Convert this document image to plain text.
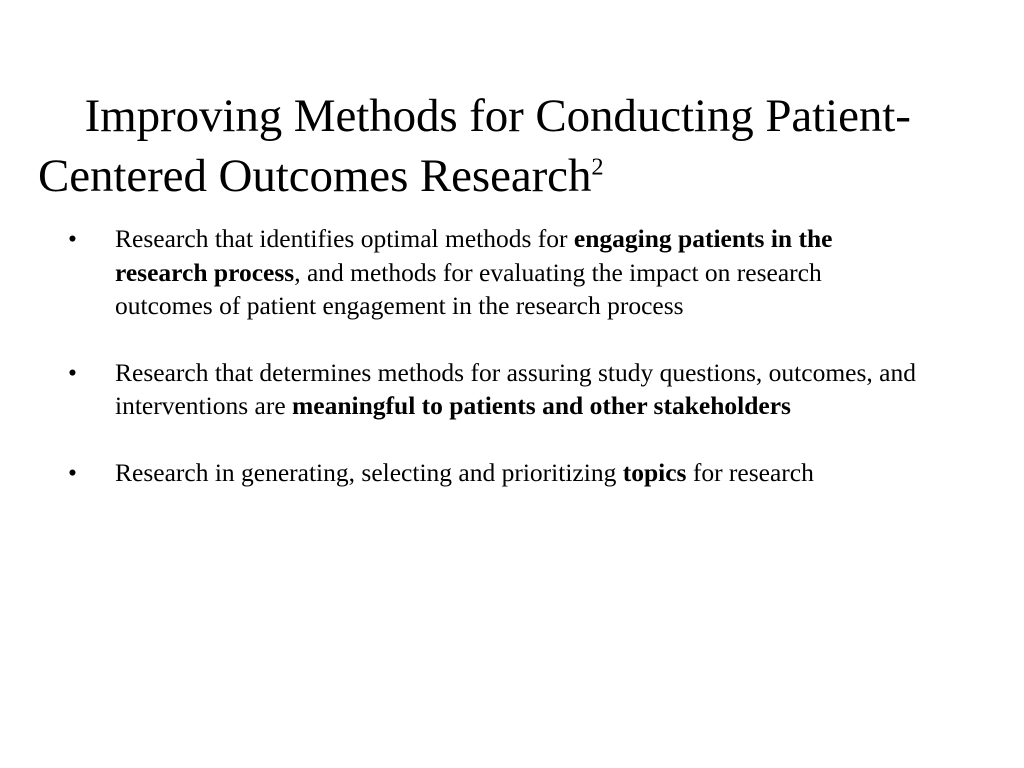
Improving Methods for Conducting Patient-Centered Outcomes Research$^2$

•	Research that identifies optimal methods for engaging patients in the research process, and methods for evaluating the impact on research outcomes of patient engagement in the research process
•	Research that determines methods for assuring study questions, outcomes, and interventions are meaningful to patients and other stakeholders
•	Research in generating, selecting and prioritizing topics for research
